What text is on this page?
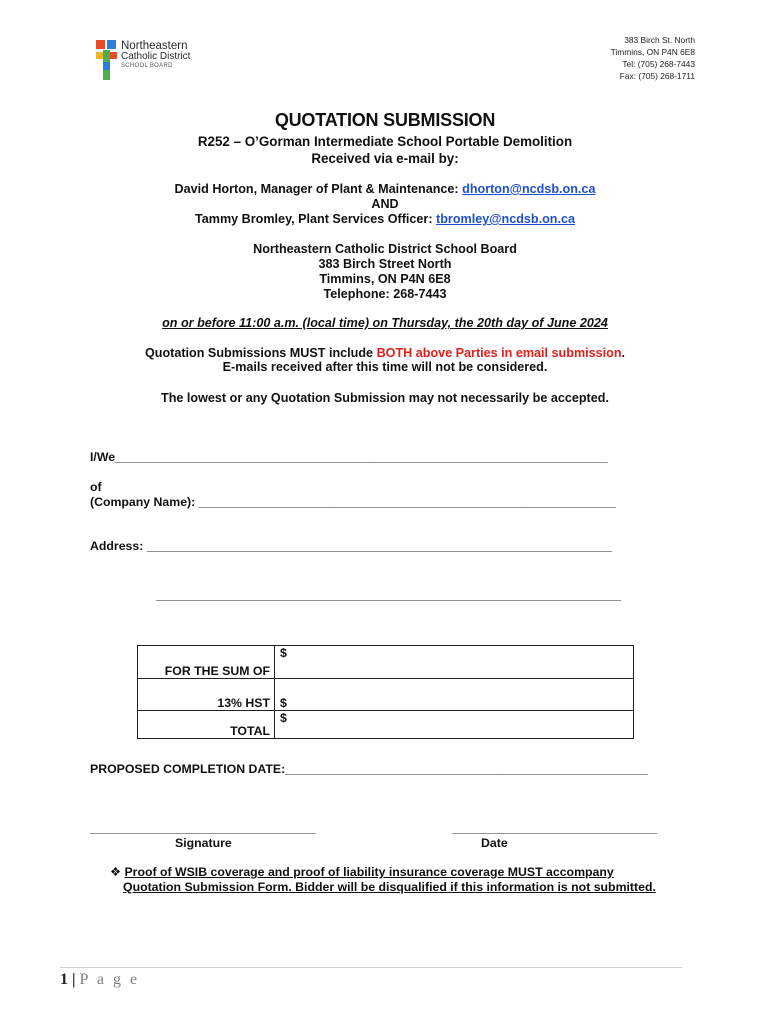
Northeastern
Catholic District
SCHOOL BOARD
383 Birch St. North
Timmins, ON P4N 6E8
Tel: (705) 268-7443
Fax: (705) 268-1711
QUOTATION SUBMISSION
R252 – O’Gorman Intermediate School Portable Demolition
Received via e-mail by:
David Horton, Manager of Plant & Maintenance: dhorton@ncdsb.on.ca
AND
Tammy Bromley, Plant Services Officer: tbromley@ncdsb.on.ca
Northeastern Catholic District School Board
383 Birch Street North
Timmins, ON P4N 6E8
Telephone: 268-7443
on or before 11:00 a.m. (local time) on Thursday, the 20th day of June 2024
Quotation Submissions MUST include BOTH above Parties in email submission.
E-mails received after this time will not be considered.
The lowest or any Quotation Submission may not necessarily be accepted.
I/We________________________________________________________________________
of
(Company Name): _____________________________________________________________
Address: ____________________________________________________________________
____________________________________________________________________
FOR THE SUM OF	$
13% HST	$
TOTAL	$
PROPOSED COMPLETION DATE:_____________________________________________________
_________________________________
Signature
______________________________
Date
❖ Proof of WSIB coverage and proof of liability insurance coverage MUST accompany
Quotation Submission Form. Bidder will be disqualified if this information is not submitted.
1 | P a g e
